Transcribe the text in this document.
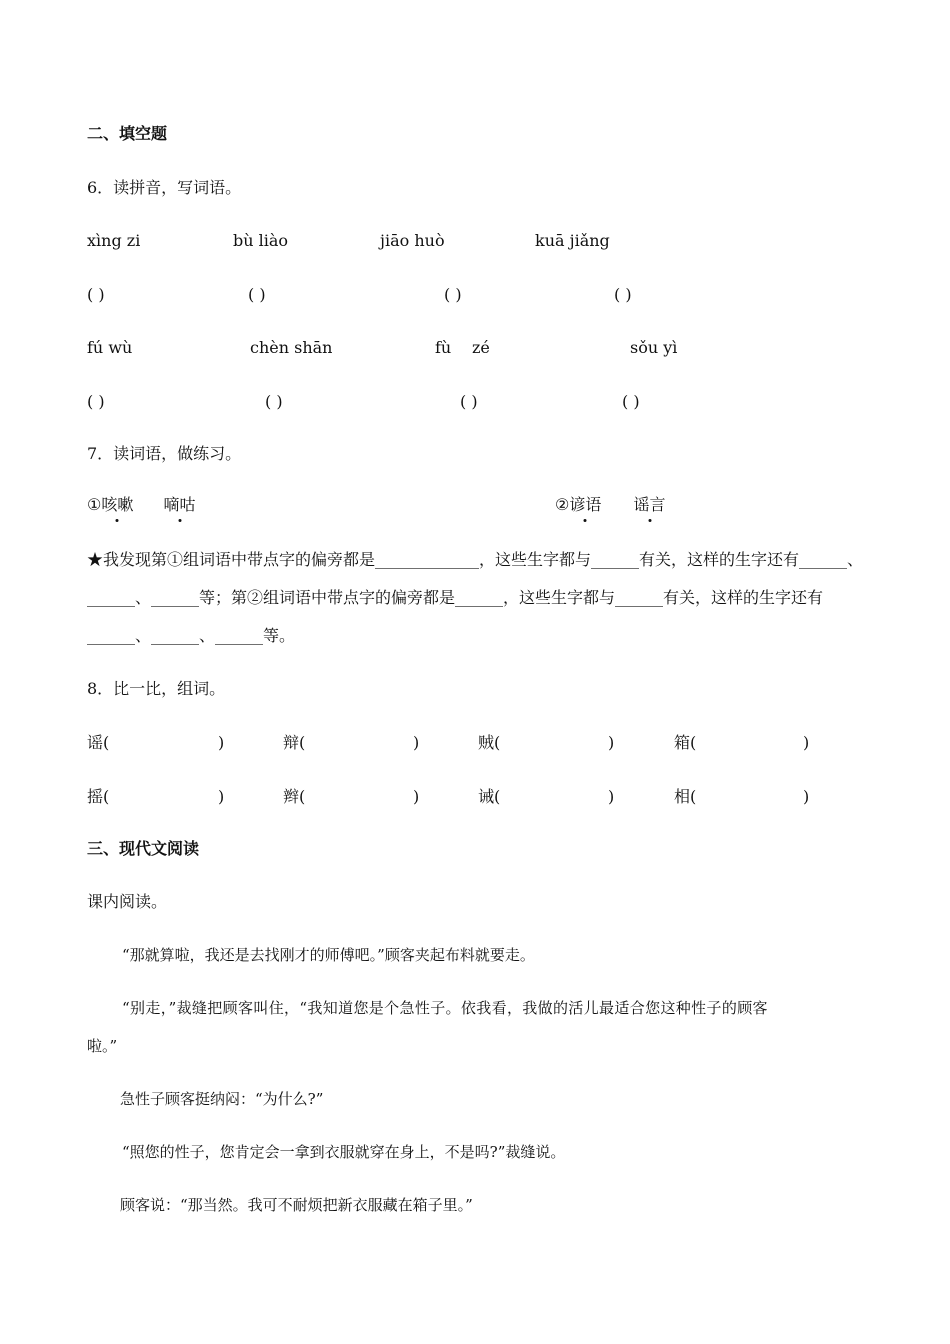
二、填空题
6．读拼音，写词语。
xìng zi	bù liào	jiāo huò	kuā jiǎng
( )	( )	( )	( )
fú wù	chèn shān	fù zé	sǒu yì
( )	( )	( )	( )
7．读词语，做练习。
①咳嗽 嘀咕	②谚语 谣言
★我发现第①组词语中带点字的偏旁都是_____________，这些生字都与______有关，这样的生字还有______、______、______等；第②组词语中带点字的偏旁都是______，这些生字都与______有关，这样的生字还有______、______、______等。
8．比一比，组词。
谣(	)	辩(	)	贼(	)	箱(	)
摇(	)	辫(	)	诫(	)	相(	)
三、现代文阅读
课内阅读。
“那就算啦，我还是去找刚才的师傅吧。”顾客夹起布料就要走。
“别走，”裁缝把顾客叫住，“我知道您是个急性子。依我看，我做的活儿最适合您这种性子的顾客
啦。”
急性子顾客挺纳闷：“为什么?”
“照您的性子，您肯定会一拿到衣服就穿在身上，不是吗?”裁缝说。
顾客说：“那当然。我可不耐烦把新衣服藏在箱子里。”
